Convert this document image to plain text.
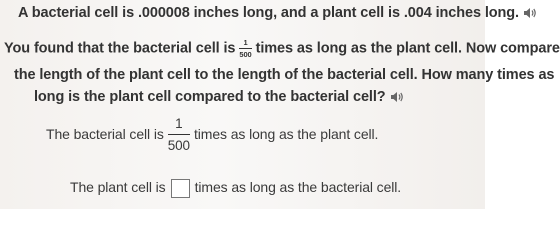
A bacterial cell is .000008 inches long, and a plant cell is .004 inches long.
You found that the bacterial cell is $\frac{1}{500}$ times as long as the plant cell. Now compare
the length of the plant cell to the length of the bacterial cell. How many times as
long is the plant cell compared to the bacterial cell?
The bacterial cell is $\frac{1}{500}$ times as long as the plant cell.
The plant cell is times as long as the bacterial cell.
